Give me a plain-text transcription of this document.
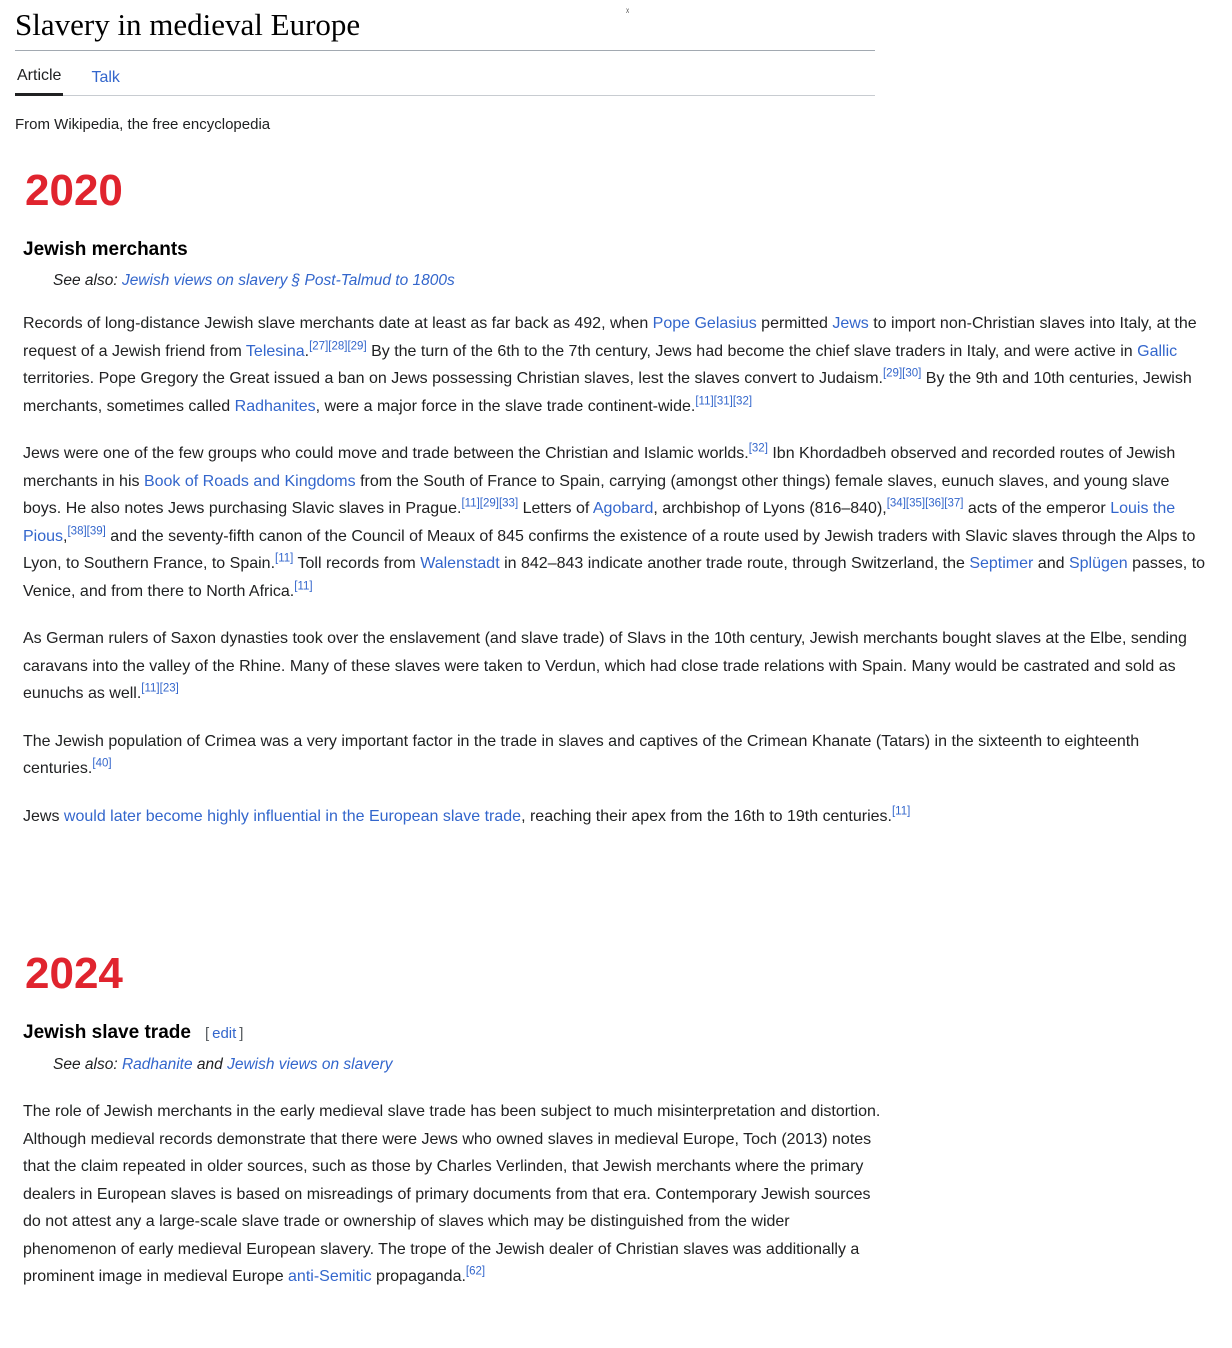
ᵡ
Slavery in medieval Europe
Article Talk

From Wikipedia, the free encyclopedia

2020
Jewish merchants
See also: Jewish views on slavery § Post-Talmud to 1800s

Records of long-distance Jewish slave merchants date at least as far back as 492, when Pope Gelasius permitted Jews to import non-Christian slaves into Italy, at the request of a Jewish friend from Telesina.[27][28][29] By the turn of the 6th to the 7th century, Jews had become the chief slave traders in Italy, and were active in Gallic territories. Pope Gregory the Great issued a ban on Jews possessing Christian slaves, lest the slaves convert to Judaism.[29][30] By the 9th and 10th centuries, Jewish merchants, sometimes called Radhanites, were a major force in the slave trade continent-wide.[11][31][32]

Jews were one of the few groups who could move and trade between the Christian and Islamic worlds.[32] Ibn Khordadbeh observed and recorded routes of Jewish merchants in his Book of Roads and Kingdoms from the South of France to Spain, carrying (amongst other things) female slaves, eunuch slaves, and young slave boys. He also notes Jews purchasing Slavic slaves in Prague.[11][29][33] Letters of Agobard, archbishop of Lyons (816–840),[34][35][36][37] acts of the emperor Louis the Pious,[38][39] and the seventy-fifth canon of the Council of Meaux of 845 confirms the existence of a route used by Jewish traders with Slavic slaves through the Alps to Lyon, to Southern France, to Spain.[11] Toll records from Walenstadt in 842–843 indicate another trade route, through Switzerland, the Septimer and Splügen passes, to Venice, and from there to North Africa.[11]

As German rulers of Saxon dynasties took over the enslavement (and slave trade) of Slavs in the 10th century, Jewish merchants bought slaves at the Elbe, sending caravans into the valley of the Rhine. Many of these slaves were taken to Verdun, which had close trade relations with Spain. Many would be castrated and sold as eunuchs as well.[11][23]

The Jewish population of Crimea was a very important factor in the trade in slaves and captives of the Crimean Khanate (Tatars) in the sixteenth to eighteenth centuries.[40]

Jews would later become highly influential in the European slave trade, reaching their apex from the 16th to 19th centuries.[11]

2024
Jewish slave trade [ edit ]
See also: Radhanite and Jewish views on slavery

The role of Jewish merchants in the early medieval slave trade has been subject to much misinterpretation and distortion. Although medieval records demonstrate that there were Jews who owned slaves in medieval Europe, Toch (2013) notes that the claim repeated in older sources, such as those by Charles Verlinden, that Jewish merchants where the primary dealers in European slaves is based on misreadings of primary documents from that era. Contemporary Jewish sources do not attest any a large-scale slave trade or ownership of slaves which may be distinguished from the wider phenomenon of early medieval European slavery. The trope of the Jewish dealer of Christian slaves was additionally a prominent image in medieval Europe anti-Semitic propaganda.[62]
